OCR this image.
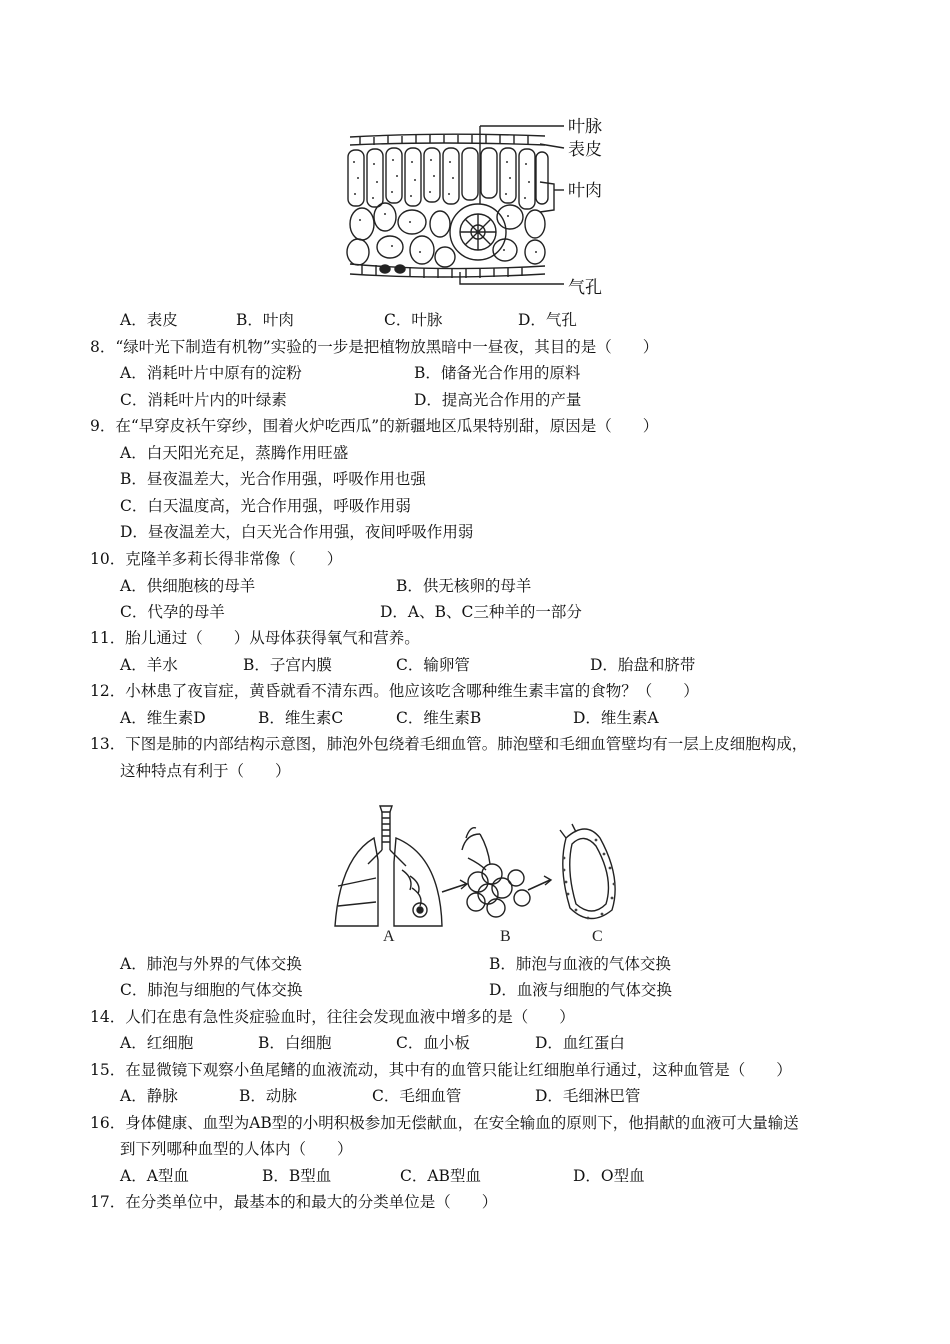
叶脉
表皮
叶肉
气孔
A．表皮	B．叶肉	C．叶脉	D．气孔
8．“绿叶光下制造有机物”实验的一步是把植物放黑暗中一昼夜，其目的是（　　）
A．消耗叶片中原有的淀粉	B．储备光合作用的原料
C．消耗叶片内的叶绿素	D．提高光合作用的产量
9．在“早穿皮袄午穿纱，围着火炉吃西瓜”的新疆地区瓜果特别甜，原因是（　　）
A．白天阳光充足，蒸腾作用旺盛
B．昼夜温差大，光合作用强，呼吸作用也强
C．白天温度高，光合作用强，呼吸作用弱
D．昼夜温差大，白天光合作用强，夜间呼吸作用弱
10．克隆羊多莉长得非常像（　　）
A．供细胞核的母羊	B．供无核卵的母羊
C．代孕的母羊	D．A、B、C三种羊的一部分
11．胎儿通过（　　）从母体获得氧气和营养。
A．羊水	B．子宫内膜	C．输卵管	D．胎盘和脐带
12．小林患了夜盲症，黄昏就看不清东西。他应该吃含哪种维生素丰富的食物？（　　）
A．维生素D	B．维生素C	C．维生素B	D．维生素A
13．下图是肺的内部结构示意图，肺泡外包绕着毛细血管。肺泡壁和毛细血管壁均有一层上皮细胞构成，
这种特点有利于（　　）
A	B	C
A．肺泡与外界的气体交换	B．肺泡与血液的气体交换
C．肺泡与细胞的气体交换	D．血液与细胞的气体交换
14．人们在患有急性炎症验血时，往往会发现血液中增多的是（　　）
A．红细胞	B．白细胞	C．血小板	D．血红蛋白
15．在显微镜下观察小鱼尾鳍的血液流动，其中有的血管只能让红细胞单行通过，这种血管是（　　）
A．静脉	B．动脉	C．毛细血管	D．毛细淋巴管
16．身体健康、血型为AB型的小明积极参加无偿献血，在安全输血的原则下，他捐献的血液可大量输送
到下列哪种血型的人体内（　　）
A．A型血	B．B型血	C．AB型血	D．O型血
17．在分类单位中，最基本的和最大的分类单位是（　　）
